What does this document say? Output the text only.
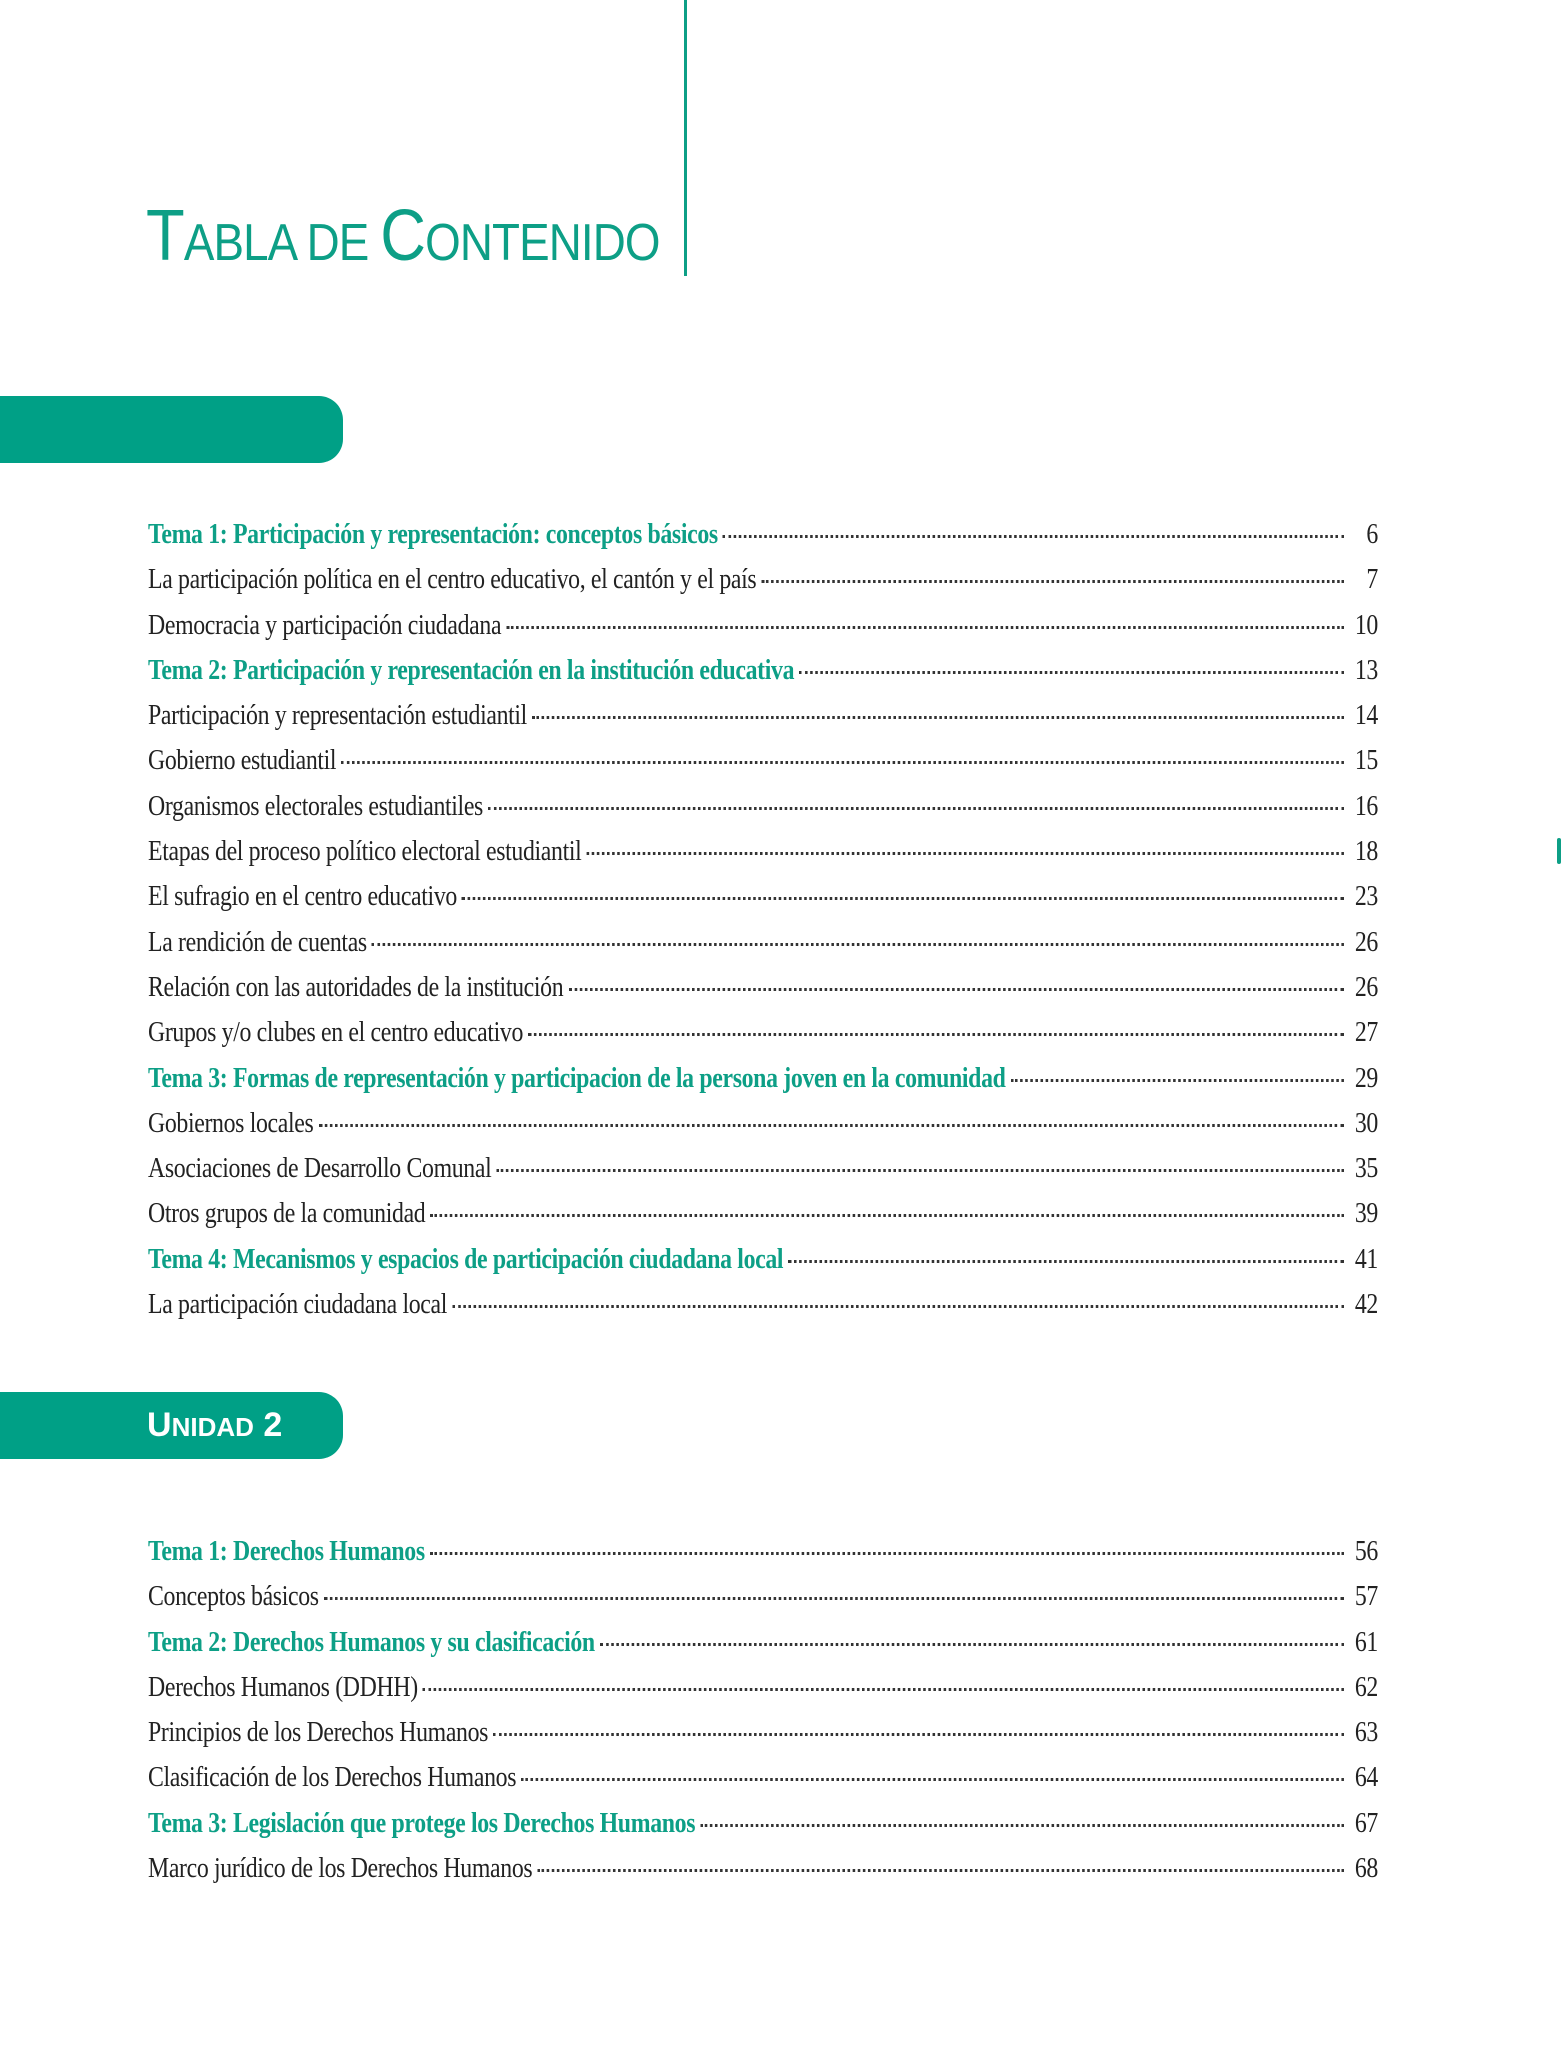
TABLA DE CONTENIDO
Tema 1: Participación y representación: conceptos básicos	6
La participación política en el centro educativo, el cantón y el país	7
Democracia y participación ciudadana	10
Tema 2: Participación y representación en la institución educativa	13
Participación y representación estudiantil	14
Gobierno estudiantil	15
Organismos electorales estudiantiles	16
Etapas del proceso político electoral estudiantil	18
El sufragio en el centro educativo	23
La rendición de cuentas	26
Relación con las autoridades de la institución	26
Grupos y/o clubes en el centro educativo	27
Tema 3: Formas de representación y participacion de la persona joven en la comunidad	29
Gobiernos locales	30
Asociaciones de Desarrollo Comunal	35
Otros grupos de la comunidad	39
Tema 4: Mecanismos y espacios de participación ciudadana local	41
La participación ciudadana local	42
UNIDAD 2
Tema 1: Derechos Humanos	56
Conceptos básicos	57
Tema 2: Derechos Humanos y su clasificación	61
Derechos Humanos (DDHH)	62
Principios de los Derechos Humanos	63
Clasificación de los Derechos Humanos	64
Tema 3: Legislación que protege los Derechos Humanos	67
Marco jurídico de los Derechos Humanos	68
